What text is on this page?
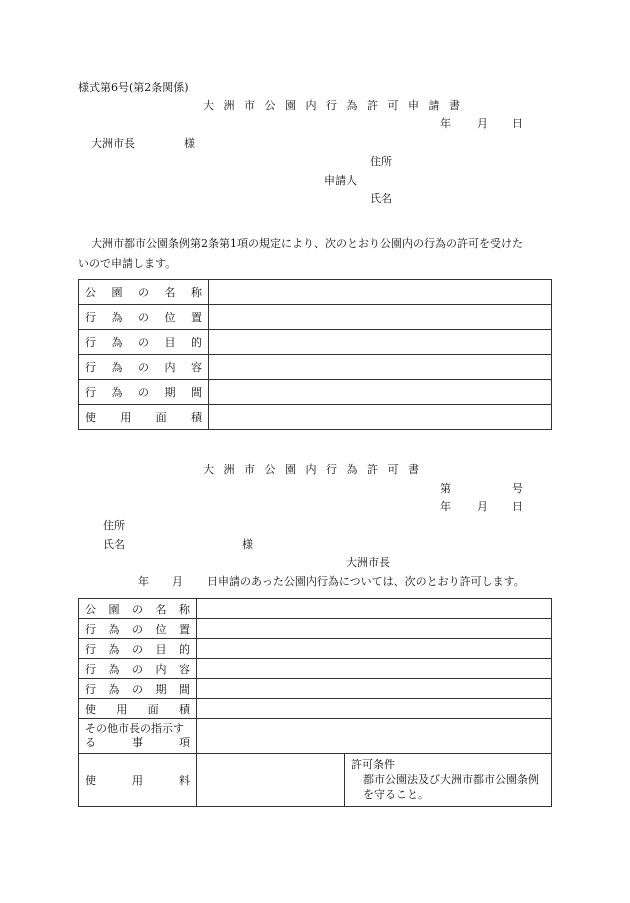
様式第6号(第2条関係)
大 洲 市 公 園 内 行 為 許 可 申 請 書
年 月 日
大洲市長	様
住所
申請人
氏名
大洲市都市公園条例第2条第1項の規定により、次のとおり公園内の行為の許可を受けた
いので申請します。
公　園　の　名　称	
行　為　の　位　置	
行　為　の　目　的	
行　為　の　内　容	
行　為　の　期　間	
使　用　面　積	
大 洲 市 公 園 内 行 為 許 可 書
第	号
年 月 日
住所
氏名	様
大洲市長
年 月 日申請のあった公園内行為については、次のとおり許可します。
公　園　の　名　称		
行　為　の　位　置		
行　為　の　目　的		
行　為　の　内　容		
行　為　の　期　間		
使　用　面　積		

その他市長の指示す
る 事 項		

使　　用　　料		許可条件
都市公園法及び大洲市都市公園条例を守ること。
